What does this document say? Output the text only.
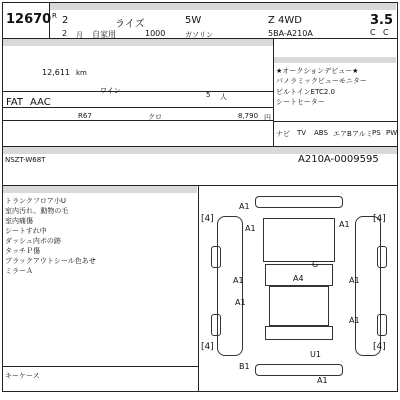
12670 R 2	ライズ	5W	Z 4WD	3.5
2 月 自家用	1000	ガソリン	5BA-A210A	C C
12,611 km
ワイン	5 人
FAT AAC
R67	クロ	8,790 円
★オークションデビュー★
パノラミックビューモニター
ビルトインETC2.0
シートヒーター
ナビ TV ABS エアB アルミ PS PW
NSZT-W68T	A210A-0009595
トランクフロア小U
室内汚れ、動物の毛
室内痛傷
シートすれ中
ダッシュ内ボの跡
タッチＰ傷
ブラックアウトシール色あせ
ミラーＡ
キーケース
[4]	[4]
[4]	[4]
A1
A1	A1
G
A4
A1	A1
A1
A1
U1
B1
A1
